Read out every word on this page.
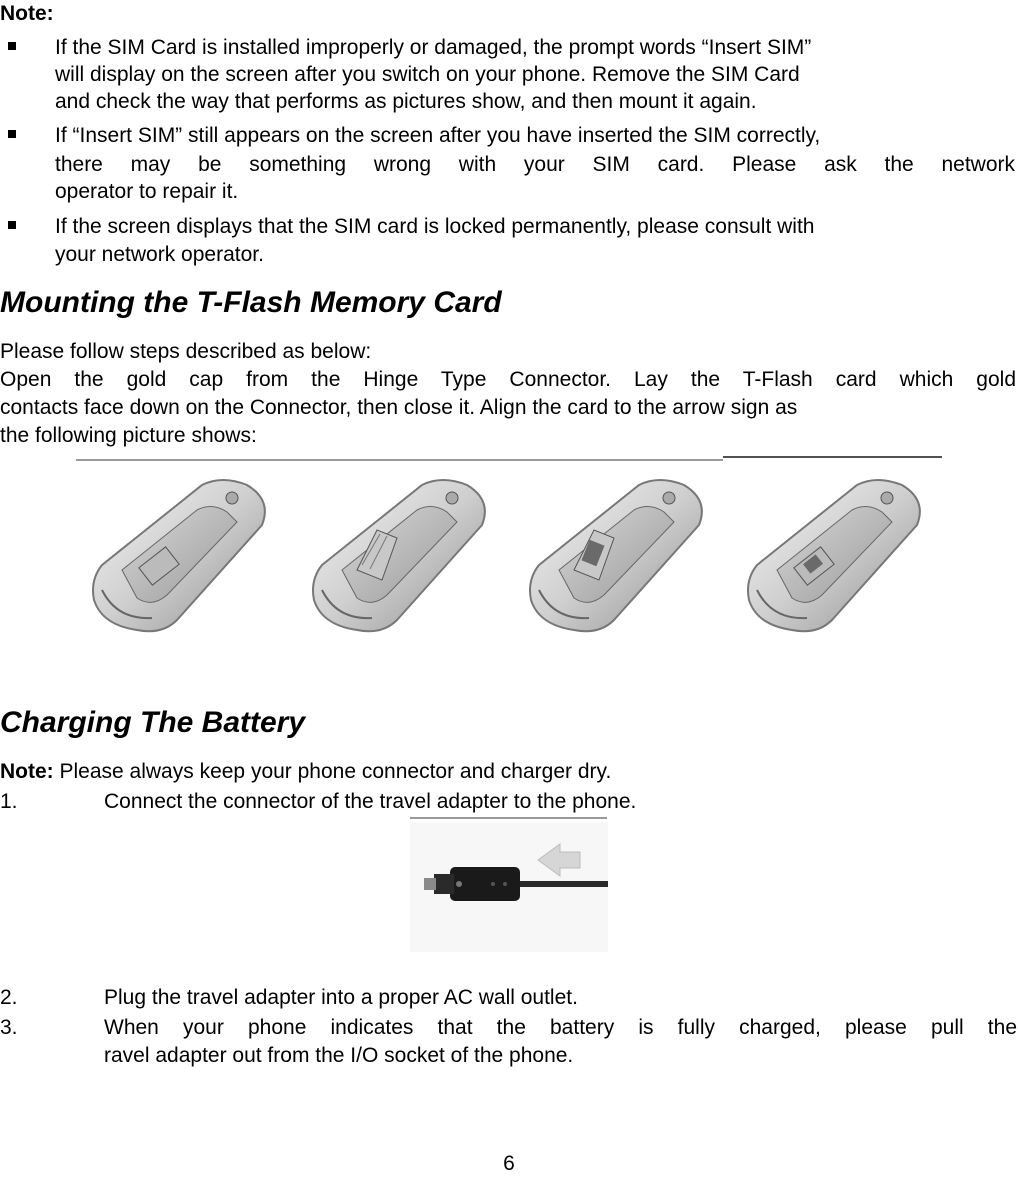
Note:
If the SIM Card is installed improperly or damaged, the prompt words “Insert SIM”
will display on the screen after you switch on your phone. Remove the SIM Card
and check the way that performs as pictures show, and then mount it again.
If “Insert SIM” still appears on the screen after you have inserted the SIM correctly,
there may be something wrong with your SIM card. Please ask the network
operator to repair it.
If the screen displays that the SIM card is locked permanently, please consult with
your network operator.
Mounting the T-Flash Memory Card
Please follow steps described as below:
Open the gold cap from the Hinge Type Connector. Lay the T-Flash card which gold
contacts face down on the Connector, then close it. Align the card to the arrow sign as
the following picture shows:
Charging The Battery
Note: Please always keep your phone connector and charger dry.
1.	Connect the connector of the travel adapter to the phone.
2.	Plug the travel adapter into a proper AC wall outlet.
3.	When your phone indicates that the battery is fully charged, please pull the
ravel adapter out from the I/O socket of the phone.
6
